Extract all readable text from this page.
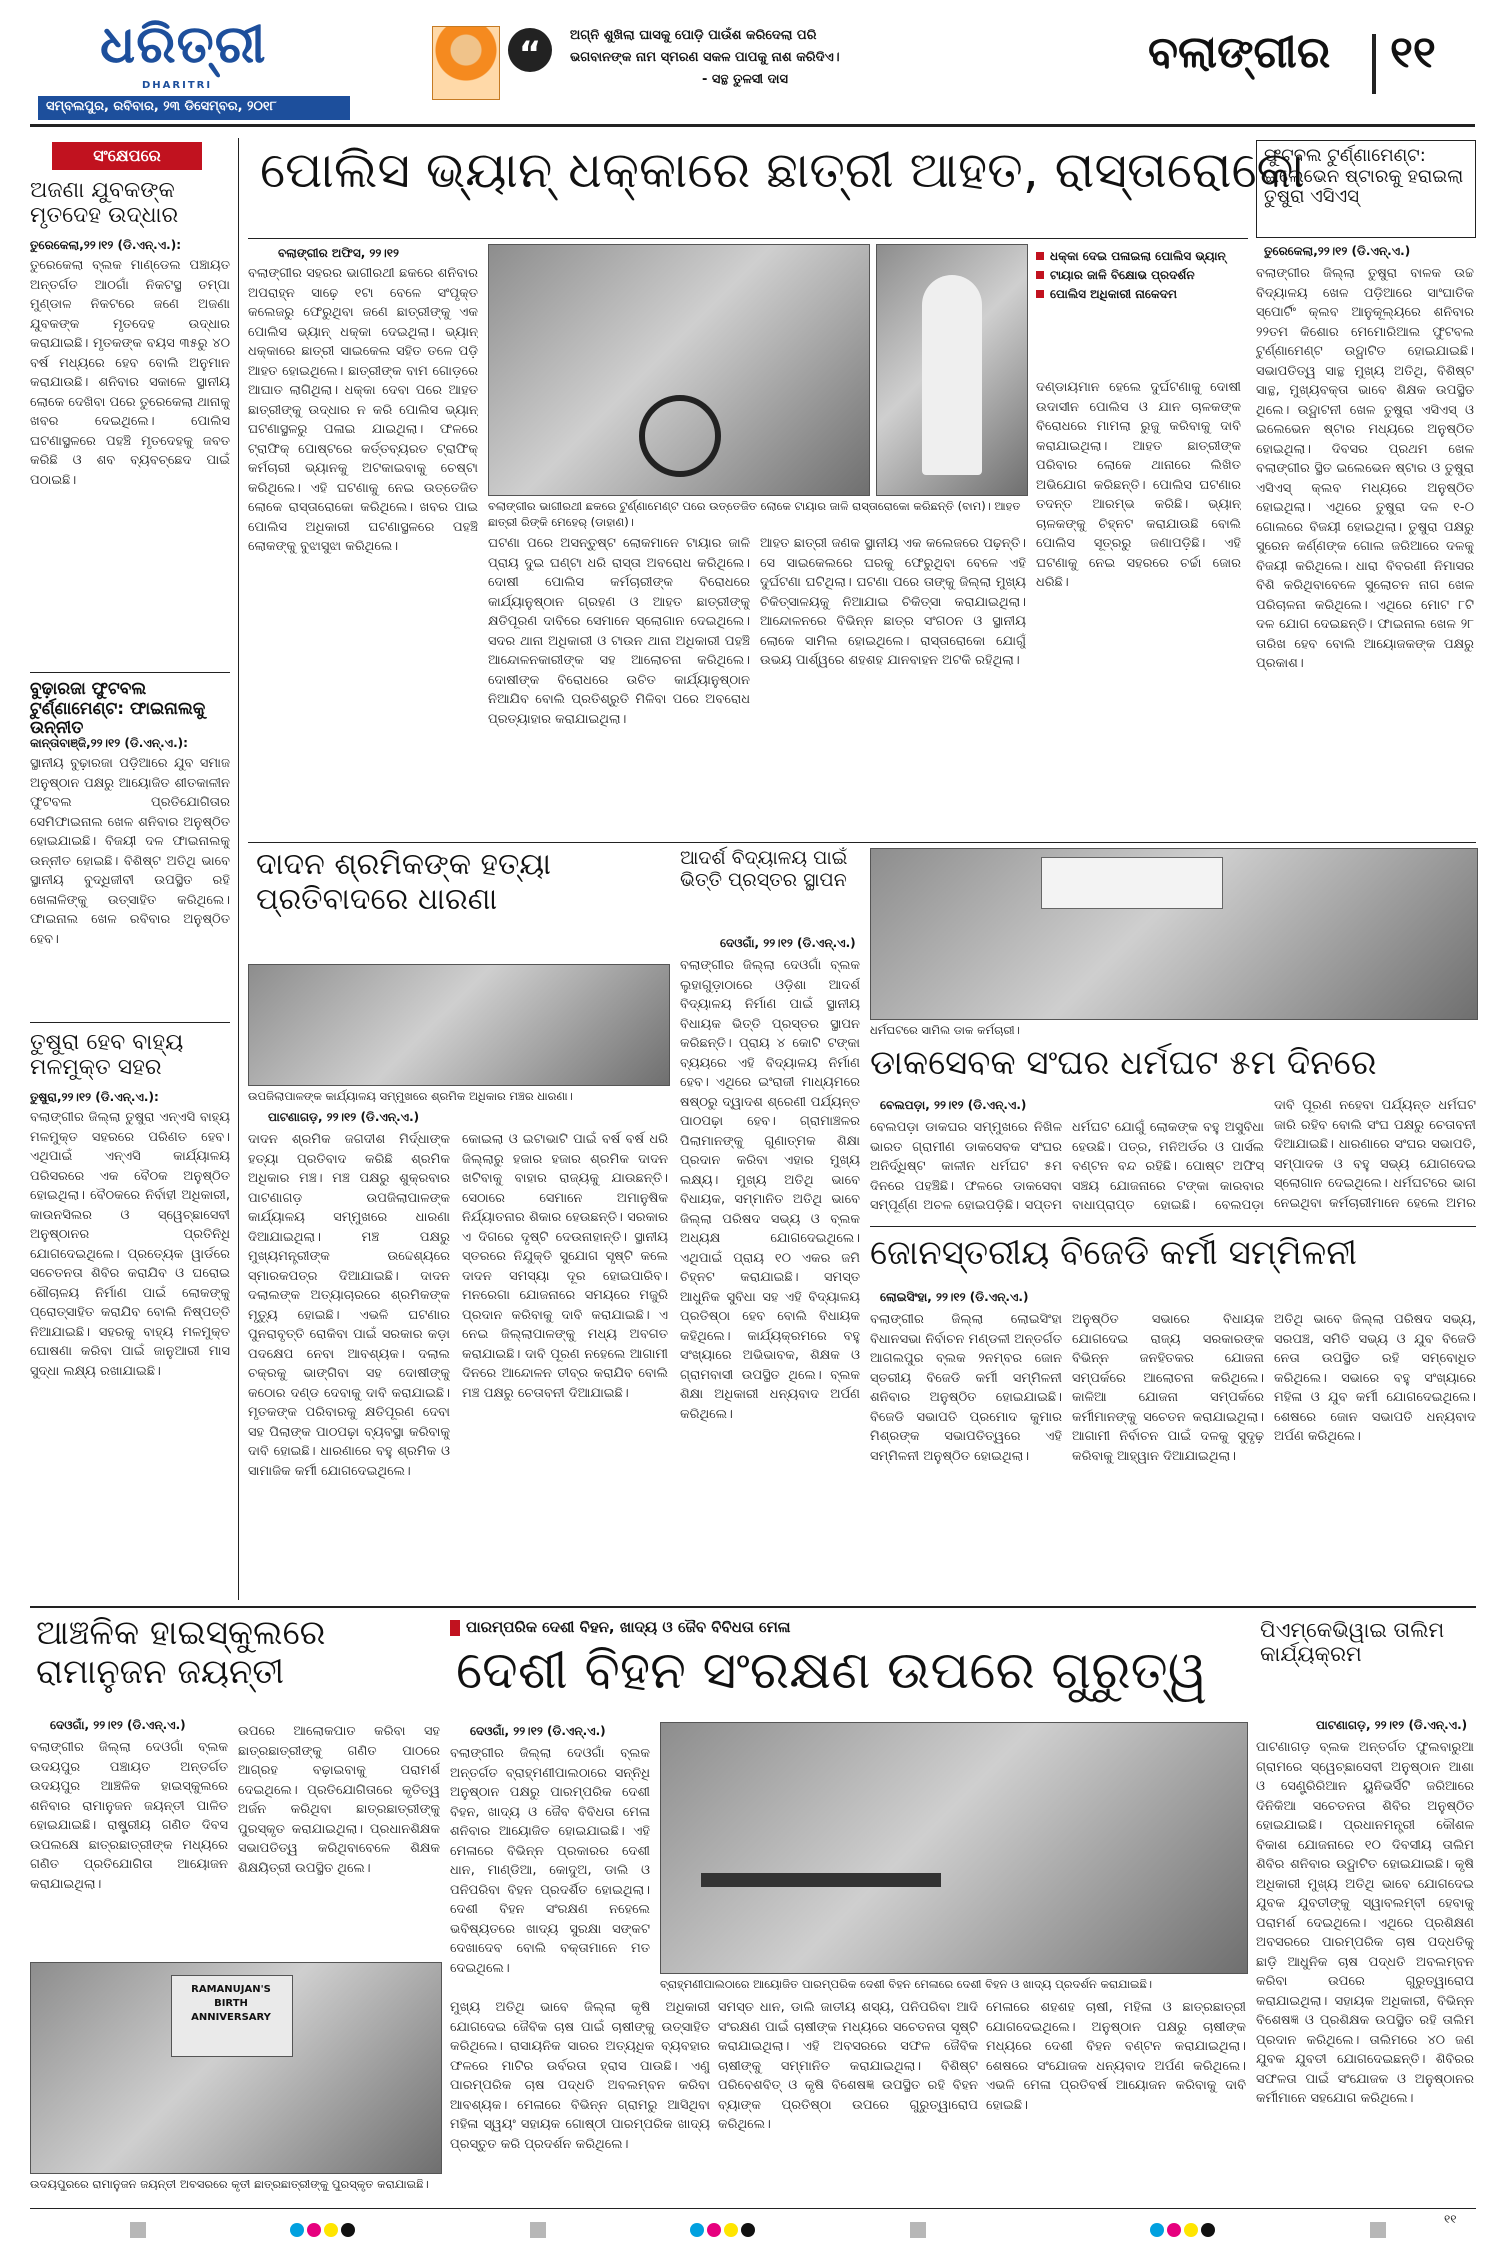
ଧରିତ୍ରୀ
DHARITRI
ସମ୍ବଲପୁର, ରବିବାର, ୨୩ ଡିସେମ୍ବର, ୨୦୧୮
“	ଅଗ୍ନି ଶୁଖିଲା ଘାସକୁ ପୋଡ଼ି ପାଉଁଶ କରିଦେଲା ପରି
ଭଗବାନଙ୍କ ନାମ ସ୍ମରଣ ସକଳ ପାପକୁ ନାଶ କରିଦିଏ।
- ସନ୍ଥ ତୁଳସୀ ଦାସ
ବଲାଙ୍ଗୀର ୧୧
ସଂକ୍ଷେପରେ
ଅଜଣା ଯୁବକଙ୍କ ମୃତଦେହ ଉଦ୍ଧାର
ତୁରେକେଲା,୨୨।୧୨ (ଡି.ଏନ୍.ଏ.):
ତୁରେକେଲା ବ୍ଲକ ମାଣ୍ଡେଲ ପଞ୍ଚାୟତ ଅନ୍ତର୍ଗତ ଆଠଗାଁ ନିକଟସ୍ଥ ତମ୍ପା ମୁଣ୍ଡାଳ ନିକଟରେ ଜଣେ ଅଜଣା ଯୁବକଙ୍କ ମୃତଦେହ ଉଦ୍ଧାର କରାଯାଇଛି। ମୃତକଙ୍କ ବୟସ ୩୫ରୁ ୪୦ ବର୍ଷ ମଧ୍ୟରେ ହେବ ବୋଲି ଅନୁମାନ କରାଯାଉଛି। ଶନିବାର ସକାଳେ ସ୍ଥାନୀୟ ଲୋକେ ଦେଖିବା ପରେ ତୁରେକେଲା ଥାନାକୁ ଖବର ଦେଇଥିଲେ। ପୋଲିସ ଘଟଣାସ୍ଥଳରେ ପହଞ୍ଚି ମୃତଦେହକୁ ଜବତ କରିଛି ଓ ଶବ ବ୍ୟବଚ୍ଛେଦ ପାଇଁ ପଠାଇଛି।
ବୁଢ଼ାରଜା ଫୁଟବଲ ଟୁର୍ଣ୍ଣାମେଣ୍ଟ: ଫାଇନାଲକୁ ଉନ୍ନୀତ
କାନ୍ତାବାଞ୍ଜି,୨୨।୧୨ (ଡି.ଏନ୍.ଏ.):
ସ୍ଥାନୀୟ ବୁଢ଼ାରଜା ପଡ଼ିଆରେ ଯୁବ ସମାଜ ଅନୁଷ୍ଠାନ ପକ୍ଷରୁ ଆୟୋଜିତ ଶୀତକାଳୀନ ଫୁଟବଲ ପ୍ରତିଯୋଗିତାର ସେମିଫାଇନାଲ ଖେଳ ଶନିବାର ଅନୁଷ୍ଠିତ ହୋଇଯାଇଛି। ବିଜୟୀ ଦଳ ଫାଇନାଲକୁ ଉନ୍ନୀତ ହୋଇଛି। ବିଶିଷ୍ଟ ଅତିଥି ଭାବେ ସ୍ଥାନୀୟ ବୁଦ୍ଧିଜୀବୀ ଉପସ୍ଥିତ ରହି ଖେଳାଳିଙ୍କୁ ଉତ୍ସାହିତ କରିଥିଲେ। ଫାଇନାଲ ଖେଳ ରବିବାର ଅନୁଷ୍ଠିତ ହେବ।
ତୁଷୁରା ହେବ ବାହ୍ୟ ମଳମୁକ୍ତ ସହର
ତୁଷୁରା,୨୨।୧୨ (ଡି.ଏନ୍.ଏ.):
ବଲାଙ୍ଗୀର ଜିଲ୍ଲା ତୁଷୁରା ଏନ୍ଏସି ବାହ୍ୟ ମଳମୁକ୍ତ ସହରରେ ପରିଣତ ହେବ। ଏଥିପାଇଁ ଏନ୍ଏସି କାର୍ଯ୍ୟାଳୟ ପରିସରରେ ଏକ ବୈଠକ ଅନୁଷ୍ଠିତ ହୋଇଥିଲା। ବୈଠକରେ ନିର୍ବାହୀ ଅଧିକାରୀ, କାଉନସିଲର ଓ ସ୍ୱେଚ୍ଛାସେବୀ ଅନୁଷ୍ଠାନର ପ୍ରତିନିଧି ଯୋଗଦେଇଥିଲେ। ପ୍ରତ୍ୟେକ ୱାର୍ଡରେ ସଚେତନତା ଶିବିର କରାଯିବ ଓ ଘରୋଇ ଶୌଚାଳୟ ନିର୍ମାଣ ପାଇଁ ଲୋକଙ୍କୁ ପ୍ରୋତ୍ସାହିତ କରାଯିବ ବୋଲି ନିଷ୍ପତ୍ତି ନିଆଯାଇଛି। ସହରକୁ ବାହ୍ୟ ମଳମୁକ୍ତ ଘୋଷଣା କରିବା ପାଇଁ ଜାନୁଆରୀ ମାସ ସୁଦ୍ଧା ଲକ୍ଷ୍ୟ ରଖାଯାଇଛି।
ପୋଲିସ ଭ୍ୟାନ୍ ଧକ୍କାରେ ଛାତ୍ରୀ ଆହତ, ରାସ୍ତାରୋକୋ
ବଲାଙ୍ଗୀର ଅଫିସ, ୨୨।୧୨
ବଲାଙ୍ଗୀର ସହରର ଭାଗୀରଥୀ ଛକରେ ଶନିବାର ଅପରାହ୍ନ ସାଢ଼େ ୧ଟା ବେଳେ ସଂପୃକ୍ତ କଲେଜରୁ ଫେରୁଥିବା ଜଣେ ଛାତ୍ରୀଙ୍କୁ ଏକ ପୋଲିସ ଭ୍ୟାନ୍ ଧକ୍କା ଦେଇଥିଲା। ଭ୍ୟାନ୍ ଧକ୍କାରେ ଛାତ୍ରୀ ସାଇକେଲ ସହିତ ତଳେ ପଡ଼ି ଆହତ ହୋଇଥିଲେ। ଛାତ୍ରୀଙ୍କ ବାମ ଗୋଡ଼ରେ ଆଘାତ ଲାଗିଥିଲା। ଧକ୍କା ଦେବା ପରେ ଆହତ ଛାତ୍ରୀଙ୍କୁ ଉଦ୍ଧାର ନ କରି ପୋଲିସ ଭ୍ୟାନ୍ ଘଟଣାସ୍ଥଳରୁ ପଳାଇ ଯାଇଥିଲା। ଫଳରେ ଟ୍ରାଫିକ୍ ପୋଷ୍ଟରେ କର୍ତ୍ତବ୍ୟରତ ଟ୍ରାଫିକ୍ କର୍ମଚାରୀ ଭ୍ୟାନକୁ ଅଟକାଇବାକୁ ଚେଷ୍ଟା କରିଥିଲେ। ଏହି ଘଟଣାକୁ ନେଇ ଉତ୍ତେଜିତ ଲୋକେ ରାସ୍ତାରୋକୋ କରିଥିଲେ। ଖବର ପାଇ ପୋଲିସ ଅଧିକାରୀ ଘଟଣାସ୍ଥଳରେ ପହଞ୍ଚି ଲୋକଙ୍କୁ ବୁଝାସୁଝା କରିଥିଲେ।
ଧକ୍କା ଦେଇ ପଳାଇଲା ପୋଲିସ ଭ୍ୟାନ୍
ଟାୟାର ଜାଳି ବିକ୍ଷୋଭ ପ୍ରଦର୍ଶନ
ପୋଲିସ ଅଧିକାରୀ ନାକେଦମ
ଦଣ୍ଡାୟମାନ ହେଲେ ଦୁର୍ଘଟଣାକୁ ଦୋଷୀ ଉଦାସୀନ ପୋଲିସ ଓ ଯାନ ଚାଳକଙ୍କ ବିରୋଧରେ ମାମଲା ରୁଜୁ କରିବାକୁ ଦାବି କରାଯାଇଥିଲା। ଆହତ ଛାତ୍ରୀଙ୍କ ପରିବାର ଲୋକେ ଥାନାରେ ଲିଖିତ ଅଭିଯୋଗ କରିଛନ୍ତି। ପୋଲିସ ଘଟଣାର ତଦନ୍ତ ଆରମ୍ଭ କରିଛି। ଭ୍ୟାନ୍ ଚାଳକଙ୍କୁ ଚିହ୍ନଟ କରାଯାଉଛି ବୋଲି ପୋଲିସ ସୂତ୍ରରୁ ଜଣାପଡ଼ିଛି। ଏହି ଘଟଣାକୁ ନେଇ ସହରରେ ଚର୍ଚ୍ଚା ଜୋର ଧରିଛି।
ବଲାଙ୍ଗୀର ଭାଗୀରଥୀ ଛକରେ ଟୁର୍ଣ୍ଣାମେଣ୍ଟ ପରେ ଉତ୍ତେଜିତ ଲୋକେ ଟାୟାର ଜାଳି ରାସ୍ତାରୋକୋ କରିଛନ୍ତି (ବାମ)। ଆହତ ଛାତ୍ରୀ ରିଙ୍କି ମେହେର୍ (ଡାହାଣ)।
ଘଟଣା ପରେ ଅସନ୍ତୁଷ୍ଟ ଲୋକମାନେ ଟାୟାର ଜାଳି ପ୍ରାୟ ଦୁଇ ଘଣ୍ଟା ଧରି ରାସ୍ତା ଅବରୋଧ କରିଥିଲେ। ଦୋଷୀ ପୋଲିସ କର୍ମଚାରୀଙ୍କ ବିରୋଧରେ କାର୍ଯ୍ୟାନୁଷ୍ଠାନ ଗ୍ରହଣ ଓ ଆହତ ଛାତ୍ରୀଙ୍କୁ କ୍ଷତିପୂରଣ ଦାବିରେ ସେମାନେ ସ୍ଲୋଗାନ ଦେଇଥିଲେ। ସଦର ଥାନା ଅଧିକାରୀ ଓ ଟାଉନ ଥାନା ଅଧିକାରୀ ପହଞ୍ଚି ଆନ୍ଦୋଳନକାରୀଙ୍କ ସହ ଆଲୋଚନା କରିଥିଲେ। ଦୋଷୀଙ୍କ ବିରୋଧରେ ଉଚିତ କାର୍ଯ୍ୟାନୁଷ୍ଠାନ ନିଆଯିବ ବୋଲି ପ୍ରତିଶ୍ରୁତି ମିଳିବା ପରେ ଅବରୋଧ ପ୍ରତ୍ୟାହାର କରାଯାଇଥିଲା।
ଆହତ ଛାତ୍ରୀ ଜଣକ ସ୍ଥାନୀୟ ଏକ କଲେଜରେ ପଢ଼ନ୍ତି। ସେ ସାଇକେଲରେ ଘରକୁ ଫେରୁଥିବା ବେଳେ ଏହି ଦୁର୍ଘଟଣା ଘଟିଥିଲା। ଘଟଣା ପରେ ତାଙ୍କୁ ଜିଲ୍ଲା ମୁଖ୍ୟ ଚିକିତ୍ସାଳୟକୁ ନିଆଯାଇ ଚିକିତ୍ସା କରାଯାଇଥିଲା। ଆନ୍ଦୋଳନରେ ବିଭିନ୍ନ ଛାତ୍ର ସଂଗଠନ ଓ ସ୍ଥାନୀୟ ଲୋକେ ସାମିଲ ହୋଇଥିଲେ। ରାସ୍ତାରୋକୋ ଯୋଗୁଁ ଉଭୟ ପାର୍ଶ୍ୱରେ ଶହଶହ ଯାନବାହନ ଅଟକି ରହିଥିଲା।
ଫୁଟବଲ ଟୁର୍ଣ୍ଣାମେଣ୍ଟ: ଇଲେଭେନ ଷ୍ଟାରକୁ ହରାଇଲା ତୁଷୁରା ଏସିଏସ୍
ତୁରେକେଲା,୨୨।୧୨ (ଡି.ଏନ୍.ଏ.)
ବଲାଙ୍ଗୀର ଜିଲ୍ଲା ତୁଷୁରା ବାଳକ ଉଚ୍ଚ ବିଦ୍ୟାଳୟ ଖେଳ ପଡ଼ିଆରେ ସାଂଘାତିକ ସ୍ପୋର୍ଟିଂ କ୍ଲବ ଆନୁକୂଲ୍ୟରେ ଶନିବାର ୨୨ତମ କିଶୋର ମେମୋରିଆଲ ଫୁଟବଲ ଟୁର୍ଣ୍ଣାମେଣ୍ଟ ଉଦ୍ଘାଟିତ ହୋଇଯାଇଛି। ସଭାପତିତ୍ୱ ସାନ୍ଥ ମୁଖ୍ୟ ଅତିଥି, ବିଶିଷ୍ଟ ସାନ୍ଥ, ମୁଖ୍ୟବକ୍ତା ଭାବେ ଶିକ୍ଷକ ଉପସ୍ଥିତ ଥିଲେ। ଉଦ୍ଘାଟନୀ ଖେଳ ତୁଷୁରା ଏସିଏସ୍ ଓ ଇଲେଭେନ ଷ୍ଟାର ମଧ୍ୟରେ ଅନୁଷ୍ଠିତ ହୋଇଥିଲା। ଦିବସର ପ୍ରଥମ ଖେଳ ବଲାଙ୍ଗୀର ସ୍ଥିତ ଇଲେଭେନ ଷ୍ଟାର ଓ ତୁଷୁରା ଏସିଏସ୍ କ୍ଲବ ମଧ୍ୟରେ ଅନୁଷ୍ଠିତ ହୋଇଥିଲା। ଏଥିରେ ତୁଷୁରା ଦଳ ୧-୦ ଗୋଲରେ ବିଜୟୀ ହୋଇଥିଲା। ତୁଷୁରା ପକ୍ଷରୁ ସୁରେନ କର୍ଣ୍ଣଙ୍କ ଗୋଲ ଜରିଆରେ ଦଳକୁ ବିଜୟୀ କରିଥିଲେ। ଧାରା ବିବରଣୀ ନିମାସର ବିଶି କରିଥିବାବେଳେ ସୁଲୋଚନ ନାଗ ଖେଳ ପରିଚାଳନା କରିଥିଲେ। ଏଥିରେ ମୋଟ ୮ଟି ଦଳ ଯୋଗ ଦେଇଛନ୍ତି। ଫାଇନାଲ ଖେଳ ୨୮ ତାରିଖ ହେବ ବୋଲି ଆୟୋଜକଙ୍କ ପକ୍ଷରୁ ପ୍ରକାଶ।
ଦାଦନ ଶ୍ରମିକଙ୍କ ହତ୍ୟା ପ୍ରତିବାଦରେ ଧାରଣା
ଉପଜିଲାପାଳଙ୍କ କାର୍ଯ୍ୟାଳୟ ସମ୍ମୁଖରେ ଶ୍ରମିକ ଅଧିକାର ମଞ୍ଚର ଧାରଣା।
ପାଟଣାଗଡ଼, ୨୨।୧୨ (ଡି.ଏନ୍.ଏ.)
ଦାଦନ ଶ୍ରମିକ ଜଗଦୀଶ ମିର୍ଦ୍ଧାଙ୍କ ହତ୍ୟା ପ୍ରତିବାଦ କରିଛି ଶ୍ରମିକ ଅଧିକାର ମଞ୍ଚ। ମଞ୍ଚ ପକ୍ଷରୁ ଶୁକ୍ରବାର ପାଟଣାଗଡ଼ ଉପଜିଲାପାଳଙ୍କ କାର୍ଯ୍ୟାଳୟ ସମ୍ମୁଖରେ ଧାରଣା ଦିଆଯାଇଥିଲା। ମଞ୍ଚ ପକ୍ଷରୁ ମୁଖ୍ୟମନ୍ତ୍ରୀଙ୍କ ଉଦ୍ଦେଶ୍ୟରେ ସ୍ମାରକପତ୍ର ଦିଆଯାଇଛି। ଦାଦନ ଦଲାଲଙ୍କ ଅତ୍ୟାଚାରରେ ଶ୍ରମିକଙ୍କ ମୃତ୍ୟୁ ହୋଇଛି। ଏଭଳି ଘଟଣାର ପୁନରାବୃତ୍ତି ରୋକିବା ପାଇଁ ସରକାର କଡ଼ା ପଦକ୍ଷେପ ନେବା ଆବଶ୍ୟକ। ଦଲାଲ ଚକ୍ରକୁ ଭାଙ୍ଗିବା ସହ ଦୋଷୀଙ୍କୁ କଠୋର ଦଣ୍ଡ ଦେବାକୁ ଦାବି କରାଯାଇଛି। ମୃତକଙ୍କ ପରିବାରକୁ କ୍ଷତିପୂରଣ ଦେବା ସହ ପିଲାଙ୍କ ପାଠପଢ଼ା ବ୍ୟବସ୍ଥା କରିବାକୁ ଦାବି ହୋଇଛି। ଧାରଣାରେ ବହୁ ଶ୍ରମିକ ଓ ସାମାଜିକ କର୍ମୀ ଯୋଗଦେଇଥିଲେ।
କୋଇଲା ଓ ଇଟାଭାଟି ପାଇଁ ବର୍ଷ ବର୍ଷ ଧରି ଜିଲ୍ଲାରୁ ହଜାର ହଜାର ଶ୍ରମିକ ଦାଦନ ଖଟିବାକୁ ବାହାର ରାଜ୍ୟକୁ ଯାଉଛନ୍ତି। ସେଠାରେ ସେମାନେ ଅମାନୁଷିକ ନିର୍ଯ୍ୟାତନାର ଶିକାର ହେଉଛନ୍ତି। ସରକାର ଏ ଦିଗରେ ଦୃଷ୍ଟି ଦେଉନାହାନ୍ତି। ସ୍ଥାନୀୟ ସ୍ତରରେ ନିଯୁକ୍ତି ସୁଯୋଗ ସୃଷ୍ଟି କଲେ ଦାଦନ ସମସ୍ୟା ଦୂର ହୋଇପାରିବ। ମନରେଗା ଯୋଜନାରେ ସମୟରେ ମଜୁରି ପ୍ରଦାନ କରିବାକୁ ଦାବି କରାଯାଇଛି। ଏ ନେଇ ଜିଲ୍ଲାପାଳଙ୍କୁ ମଧ୍ୟ ଅବଗତ କରାଯାଇଛି। ଦାବି ପୂରଣ ନହେଲେ ଆଗାମୀ ଦିନରେ ଆନ୍ଦୋଳନ ତୀବ୍ର କରାଯିବ ବୋଲି ମଞ୍ଚ ପକ୍ଷରୁ ଚେତାବନୀ ଦିଆଯାଇଛି।
ଆଦର୍ଶ ବିଦ୍ୟାଳୟ ପାଇଁ ଭିତ୍ତି ପ୍ରସ୍ତର ସ୍ଥାପନ
ଦେଓଗାଁ, ୨୨।୧୨ (ଡି.ଏନ୍.ଏ.)
ବଲାଙ୍ଗୀର ଜିଲ୍ଲା ଦେଓଗାଁ ବ୍ଲକ ଲୁହାଗୁଡ଼ାଠାରେ ଓଡ଼ିଶା ଆଦର୍ଶ ବିଦ୍ୟାଳୟ ନିର୍ମାଣ ପାଇଁ ସ୍ଥାନୀୟ ବିଧାୟକ ଭିତ୍ତି ପ୍ରସ୍ତର ସ୍ଥାପନ କରିଛନ୍ତି। ପ୍ରାୟ ୪ କୋଟି ଟଙ୍କା ବ୍ୟୟରେ ଏହି ବିଦ୍ୟାଳୟ ନିର୍ମାଣ ହେବ। ଏଥିରେ ଇଂରାଜୀ ମାଧ୍ୟମରେ ଷଷ୍ଠରୁ ଦ୍ୱାଦଶ ଶ୍ରେଣୀ ପର୍ଯ୍ୟନ୍ତ ପାଠପଢ଼ା ହେବ। ଗ୍ରାମାଞ୍ଚଳର ପିଲାମାନଙ୍କୁ ଗୁଣାତ୍ମକ ଶିକ୍ଷା ପ୍ରଦାନ କରିବା ଏହାର ମୁଖ୍ୟ ଲକ୍ଷ୍ୟ। ମୁଖ୍ୟ ଅତିଥି ଭାବେ ବିଧାୟକ, ସମ୍ମାନିତ ଅତିଥି ଭାବେ ଜିଲ୍ଲା ପରିଷଦ ସଭ୍ୟ ଓ ବ୍ଲକ ଅଧ୍ୟକ୍ଷ ଯୋଗଦେଇଥିଲେ। ଏଥିପାଇଁ ପ୍ରାୟ ୧୦ ଏକର ଜମି ଚିହ୍ନଟ କରାଯାଇଛି। ସମସ୍ତ ଆଧୁନିକ ସୁବିଧା ସହ ଏହି ବିଦ୍ୟାଳୟ ପ୍ରତିଷ୍ଠା ହେବ ବୋଲି ବିଧାୟକ କହିଥିଲେ। କାର୍ଯ୍ୟକ୍ରମରେ ବହୁ ସଂଖ୍ୟାରେ ଅଭିଭାବକ, ଶିକ୍ଷକ ଓ ଗ୍ରାମବାସୀ ଉପସ୍ଥିତ ଥିଲେ। ବ୍ଲକ ଶିକ୍ଷା ଅଧିକାରୀ ଧନ୍ୟବାଦ ଅର୍ପଣ କରିଥିଲେ।
ଧର୍ମଘଟରେ ସାମିଲ ଡାକ କର୍ମଚାରୀ।
ଡାକସେବକ ସଂଘର ଧର୍ମଘଟ ୫ମ ଦିନରେ
ବେଲପଡ଼ା, ୨୨।୧୨ (ଡି.ଏନ୍.ଏ.)
ବେଲପଡ଼ା ଡାକଘର ସମ୍ମୁଖରେ ନିଖିଳ ଭାରତ ଗ୍ରାମୀଣ ଡାକସେବକ ସଂଘର ଅନିର୍ଦ୍ଧିଷ୍ଟ କାଳୀନ ଧର୍ମଘଟ ୫ମ ଦିନରେ ପହଞ୍ଚିଛି। ଫଳରେ ଡାକସେବା ସମ୍ପୂର୍ଣ୍ଣ ଅଚଳ ହୋଇପଡ଼ିଛି। ସପ୍ତମ
ଧର୍ମଘଟ ଯୋଗୁଁ ଲୋକଙ୍କ ବହୁ ଅସୁବିଧା ହେଉଛି। ପତ୍ର, ମନିଅର୍ଡର ଓ ପାର୍ସଲ ବଣ୍ଟନ ବନ୍ଦ ରହିଛି। ପୋଷ୍ଟ ଅଫିସ୍ ସଞ୍ଚୟ ଯୋଜନାରେ ଟଙ୍କା କାରବାର ବାଧାପ୍ରାପ୍ତ ହୋଇଛି। ବେଲପଡ଼ା
ଦାବି ପୂରଣ ନହେବା ପର୍ଯ୍ୟନ୍ତ ଧର୍ମଘଟ ଜାରି ରହିବ ବୋଲି ସଂଘ ପକ୍ଷରୁ ଚେତାବନୀ ଦିଆଯାଇଛି। ଧାରଣାରେ ସଂଘର ସଭାପତି, ସମ୍ପାଦକ ଓ ବହୁ ସଭ୍ୟ ଯୋଗଦେଇ ସ୍ଲୋଗାନ ଦେଇଥିଲେ। ଧର୍ମଘଟରେ ଭାଗ ନେଇଥିବା କର୍ମଚାରୀମାନେ ହେଲେ ଅମର
ଜୋନସ୍ତରୀୟ ବିଜେଡି କର୍ମୀ ସମ୍ମିଳନୀ
ଲୋଇସିଂହା, ୨୨।୧୨ (ଡି.ଏନ୍.ଏ.)
ବଲାଙ୍ଗୀର ଜିଲ୍ଲା ଲୋଇସିଂହା ବିଧାନସଭା ନିର୍ବାଚନ ମଣ୍ଡଳୀ ଅନ୍ତର୍ଗତ ଆଗଲପୁର ବ୍ଲକ ୨ନମ୍ବର ଜୋନ ସ୍ତରୀୟ ବିଜେଡି କର୍ମୀ ସମ୍ମିଳନୀ ଶନିବାର ଅନୁଷ୍ଠିତ ହୋଇଯାଇଛି। ବିଜେଡି ସଭାପତି ପ୍ରମୋଦ କୁମାର ମିଶ୍ରଙ୍କ ସଭାପତିତ୍ୱରେ ଏହି ସମ୍ମିଳନୀ ଅନୁଷ୍ଠିତ ହୋଇଥିଲା।
ଅନୁଷ୍ଠିତ ସଭାରେ ବିଧାୟକ ଯୋଗଦେଇ ରାଜ୍ୟ ସରକାରଙ୍କ ବିଭିନ୍ନ ଜନହିତକର ଯୋଜନା ସମ୍ପର୍କରେ ଆଲୋଚନା କରିଥିଲେ। କାଳିଆ ଯୋଜନା ସମ୍ପର୍କରେ କର୍ମୀମାନଙ୍କୁ ସଚେତନ କରାଯାଇଥିଲା। ଆଗାମୀ ନିର୍ବାଚନ ପାଇଁ ଦଳକୁ ସୁଦୃଢ଼ କରିବାକୁ ଆହ୍ୱାନ ଦିଆଯାଇଥିଲା।
ଅତିଥି ଭାବେ ଜିଲ୍ଲା ପରିଷଦ ସଭ୍ୟ, ସରପଞ୍ଚ, ସମିତି ସଭ୍ୟ ଓ ଯୁବ ବିଜେଡି ନେତା ଉପସ୍ଥିତ ରହି ସମ୍ବୋଧିତ କରିଥିଲେ। ସଭାରେ ବହୁ ସଂଖ୍ୟାରେ ମହିଳା ଓ ଯୁବ କର୍ମୀ ଯୋଗଦେଇଥିଲେ। ଶେଷରେ ଜୋନ ସଭାପତି ଧନ୍ୟବାଦ ଅର୍ପଣ କରିଥିଲେ।
ଆଞ୍ଚଳିକ ହାଇସ୍କୁଲରେ ରାମାନୁଜନ ଜୟନ୍ତୀ
ଦେଓଗାଁ, ୨୨।୧୨ (ଡି.ଏନ୍.ଏ.)
ବଲାଙ୍ଗୀର ଜିଲ୍ଲା ଦେଓଗାଁ ବ୍ଲକ ଉଦୟପୁର ପଞ୍ଚାୟତ ଅନ୍ତର୍ଗତ ଉଦୟପୁର ଆଞ୍ଚଳିକ ହାଇସ୍କୁଲରେ ଶନିବାର ରାମାନୁଜନ ଜୟନ୍ତୀ ପାଳିତ ହୋଇଯାଇଛି। ରାଷ୍ଟ୍ରୀୟ ଗଣିତ ଦିବସ ଉପଲକ୍ଷେ ଛାତ୍ରଛାତ୍ରୀଙ୍କ ମଧ୍ୟରେ ଗଣିତ ପ୍ରତିଯୋଗିତା ଆୟୋଜନ କରାଯାଇଥିଲା।
ଉପରେ ଆଲୋକପାତ କରିବା ସହ ଛାତ୍ରଛାତ୍ରୀଙ୍କୁ ଗଣିତ ପାଠରେ ଆଗ୍ରହ ବଢ଼ାଇବାକୁ ପରାମର୍ଶ ଦେଇଥିଲେ। ପ୍ରତିଯୋଗିତାରେ କୃତିତ୍ୱ ଅର୍ଜନ କରିଥିବା ଛାତ୍ରଛାତ୍ରୀଙ୍କୁ ପୁରସ୍କୃତ କରାଯାଇଥିଲା। ପ୍ରଧାନଶିକ୍ଷକ ସଭାପତିତ୍ୱ କରିଥିବାବେଳେ ଶିକ୍ଷକ ଶିକ୍ଷୟିତ୍ରୀ ଉପସ୍ଥିତ ଥିଲେ।
RAMANUJAN'S BIRTH ANNIVERSARY
ଉଦୟପୁରରେ ରାମାନୁଜନ ଜୟନ୍ତୀ ଅବସରରେ କୃତୀ ଛାତ୍ରଛାତ୍ରୀଙ୍କୁ ପୁରସ୍କୃତ କରାଯାଇଛି।
ପାରମ୍ପରିକ ଦେଶୀ ବିହନ, ଖାଦ୍ୟ ଓ ଜୈବ ବିବିଧତା ମେଳା
ଦେଶୀ ବିହନ ସଂରକ୍ଷଣ ଉପରେ ଗୁରୁତ୍ୱ
ଦେଓଗାଁ, ୨୨।୧୨ (ଡି.ଏନ୍.ଏ.)
ବଲାଙ୍ଗୀର ଜିଲ୍ଲା ଦେଓଗାଁ ବ୍ଲକ ଅନ୍ତର୍ଗତ ବ୍ରାହ୍ମଣୀପାଲଠାରେ ସନ୍ନିଧି ଅନୁଷ୍ଠାନ ପକ୍ଷରୁ ପାରମ୍ପରିକ ଦେଶୀ ବିହନ, ଖାଦ୍ୟ ଓ ଜୈବ ବିବିଧତା ମେଳା ଶନିବାର ଆୟୋଜିତ ହୋଇଯାଇଛି। ଏହି ମେଳାରେ ବିଭିନ୍ନ ପ୍ରକାରର ଦେଶୀ ଧାନ, ମାଣ୍ଡିଆ, କୋଦୁଅ, ଡାଲି ଓ ପନିପରିବା ବିହନ ପ୍ରଦର୍ଶିତ ହୋଇଥିଲା। ଦେଶୀ ବିହନ ସଂରକ୍ଷଣ ନହେଲେ ଭବିଷ୍ୟତରେ ଖାଦ୍ୟ ସୁରକ୍ଷା ସଙ୍କଟ ଦେଖାଦେବ ବୋଲି ବକ୍ତାମାନେ ମତ ଦେଇଥିଲେ।
ବ୍ରାହ୍ମଣୀପାଲଠାରେ ଆୟୋଜିତ ପାରମ୍ପରିକ ଦେଶୀ ବିହନ ମେଳାରେ ଦେଶୀ ବିହନ ଓ ଖାଦ୍ୟ ପ୍ରଦର୍ଶନ କରାଯାଇଛି।
ମୁଖ୍ୟ ଅତିଥି ଭାବେ ଜିଲ୍ଲା କୃଷି ଅଧିକାରୀ ଯୋଗଦେଇ ଜୈବିକ ଚାଷ ପାଇଁ ଚାଷୀଙ୍କୁ ଉତ୍ସାହିତ କରିଥିଲେ। ରାସାୟନିକ ସାରର ଅତ୍ୟଧିକ ବ୍ୟବହାର ଫଳରେ ମାଟିର ଉର୍ବରତା ହ୍ରାସ ପାଉଛି। ଏଣୁ ପାରମ୍ପରିକ ଚାଷ ପଦ୍ଧତି ଅବଲମ୍ବନ କରିବା ଆବଶ୍ୟକ। ମେଳାରେ ବିଭିନ୍ନ ଗ୍ରାମରୁ ଆସିଥିବା ମହିଳା ସ୍ୱୟଂ ସହାୟକ ଗୋଷ୍ଠୀ ପାରମ୍ପରିକ ଖାଦ୍ୟ ପ୍ରସ୍ତୁତ କରି ପ୍ରଦର୍ଶନ କରିଥିଲେ।
ସମସ୍ତ ଧାନ, ଡାଲି ଜାତୀୟ ଶସ୍ୟ, ପନିପରିବା ଆଦି ସଂରକ୍ଷଣ ପାଇଁ ଚାଷୀଙ୍କ ମଧ୍ୟରେ ସଚେତନତା ସୃଷ୍ଟି କରାଯାଇଥିଲା। ଏହି ଅବସରରେ ସଫଳ ଜୈବିକ ଚାଷୀଙ୍କୁ ସମ୍ମାନିତ କରାଯାଇଥିଲା। ବିଶିଷ୍ଟ ପରିବେଶବିତ୍ ଓ କୃଷି ବିଶେଷଜ୍ଞ ଉପସ୍ଥିତ ରହି ବିହନ ବ୍ୟାଙ୍କ ପ୍ରତିଷ୍ଠା ଉପରେ ଗୁରୁତ୍ୱାରୋପ କରିଥିଲେ।
ମେଳାରେ ଶହଶହ ଚାଷୀ, ମହିଳା ଓ ଛାତ୍ରଛାତ୍ରୀ ଯୋଗଦେଇଥିଲେ। ଅନୁଷ୍ଠାନ ପକ୍ଷରୁ ଚାଷୀଙ୍କ ମଧ୍ୟରେ ଦେଶୀ ବିହନ ବଣ୍ଟନ କରାଯାଇଥିଲା। ଶେଷରେ ସଂଯୋଜକ ଧନ୍ୟବାଦ ଅର୍ପଣ କରିଥିଲେ। ଏଭଳି ମେଳା ପ୍ରତିବର୍ଷ ଆୟୋଜନ କରିବାକୁ ଦାବି ହୋଇଛି।
ପିଏମ୍କେଭିୱାଇ ତାଲିମ କାର୍ଯ୍ୟକ୍ରମ
ପାଟଣାଗଡ଼, ୨୨।୧୨ (ଡି.ଏନ୍.ଏ.)
ପାଟଣାଗଡ଼ ବ୍ଲକ ଅନ୍ତର୍ଗତ ଫୁଲବାରୁଆ ଗ୍ରାମରେ ସ୍ୱେଚ୍ଛାସେବୀ ଅନୁଷ୍ଠାନ ଆଶା ଓ ସେଣ୍ଟ୍ରିରିଆନ ୟୁନିଭର୍ସିଟି ଜରିଆରେ ଦିନିକିଆ ସଚେତନତା ଶିବିର ଅନୁଷ୍ଠିତ ହୋଇଯାଇଛି। ପ୍ରଧାନମନ୍ତ୍ରୀ କୌଶଳ ବିକାଶ ଯୋଜନାରେ ୧୦ ଦିବସୀୟ ତାଲିମ ଶିବିର ଶନିବାର ଉଦ୍ଘାଟିତ ହୋଇଯାଇଛି। କୃଷି ଅଧିକାରୀ ମୁଖ୍ୟ ଅତିଥି ଭାବେ ଯୋଗଦେଇ ଯୁବକ ଯୁବତୀଙ୍କୁ ସ୍ୱାବଲମ୍ବୀ ହେବାକୁ ପରାମର୍ଶ ଦେଇଥିଲେ। ଏଥିରେ ପ୍ରଶିକ୍ଷଣ ଅବସରରେ ପାରମ୍ପରିକ ଚାଷ ପଦ୍ଧତିକୁ ଛାଡ଼ି ଆଧୁନିକ ଚାଷ ପଦ୍ଧତି ଅବଲମ୍ବନ କରିବା ଉପରେ ଗୁରୁତ୍ୱାରୋପ କରାଯାଇଥିଲା। ସହାୟକ ଅଧିକାରୀ, ବିଭିନ୍ନ ବିଶେଷଜ୍ଞ ଓ ପ୍ରଶିକ୍ଷକ ଉପସ୍ଥିତ ରହି ତାଲିମ ପ୍ରଦାନ କରିଥିଲେ। ତାଲିମରେ ୪୦ ଜଣ ଯୁବକ ଯୁବତୀ ଯୋଗଦେଇଛନ୍ତି। ଶିବିରର ସଫଳତା ପାଇଁ ସଂଯୋଜକ ଓ ଅନୁଷ୍ଠାନର କର୍ମୀମାନେ ସହଯୋଗ କରିଥିଲେ।
୧୧
